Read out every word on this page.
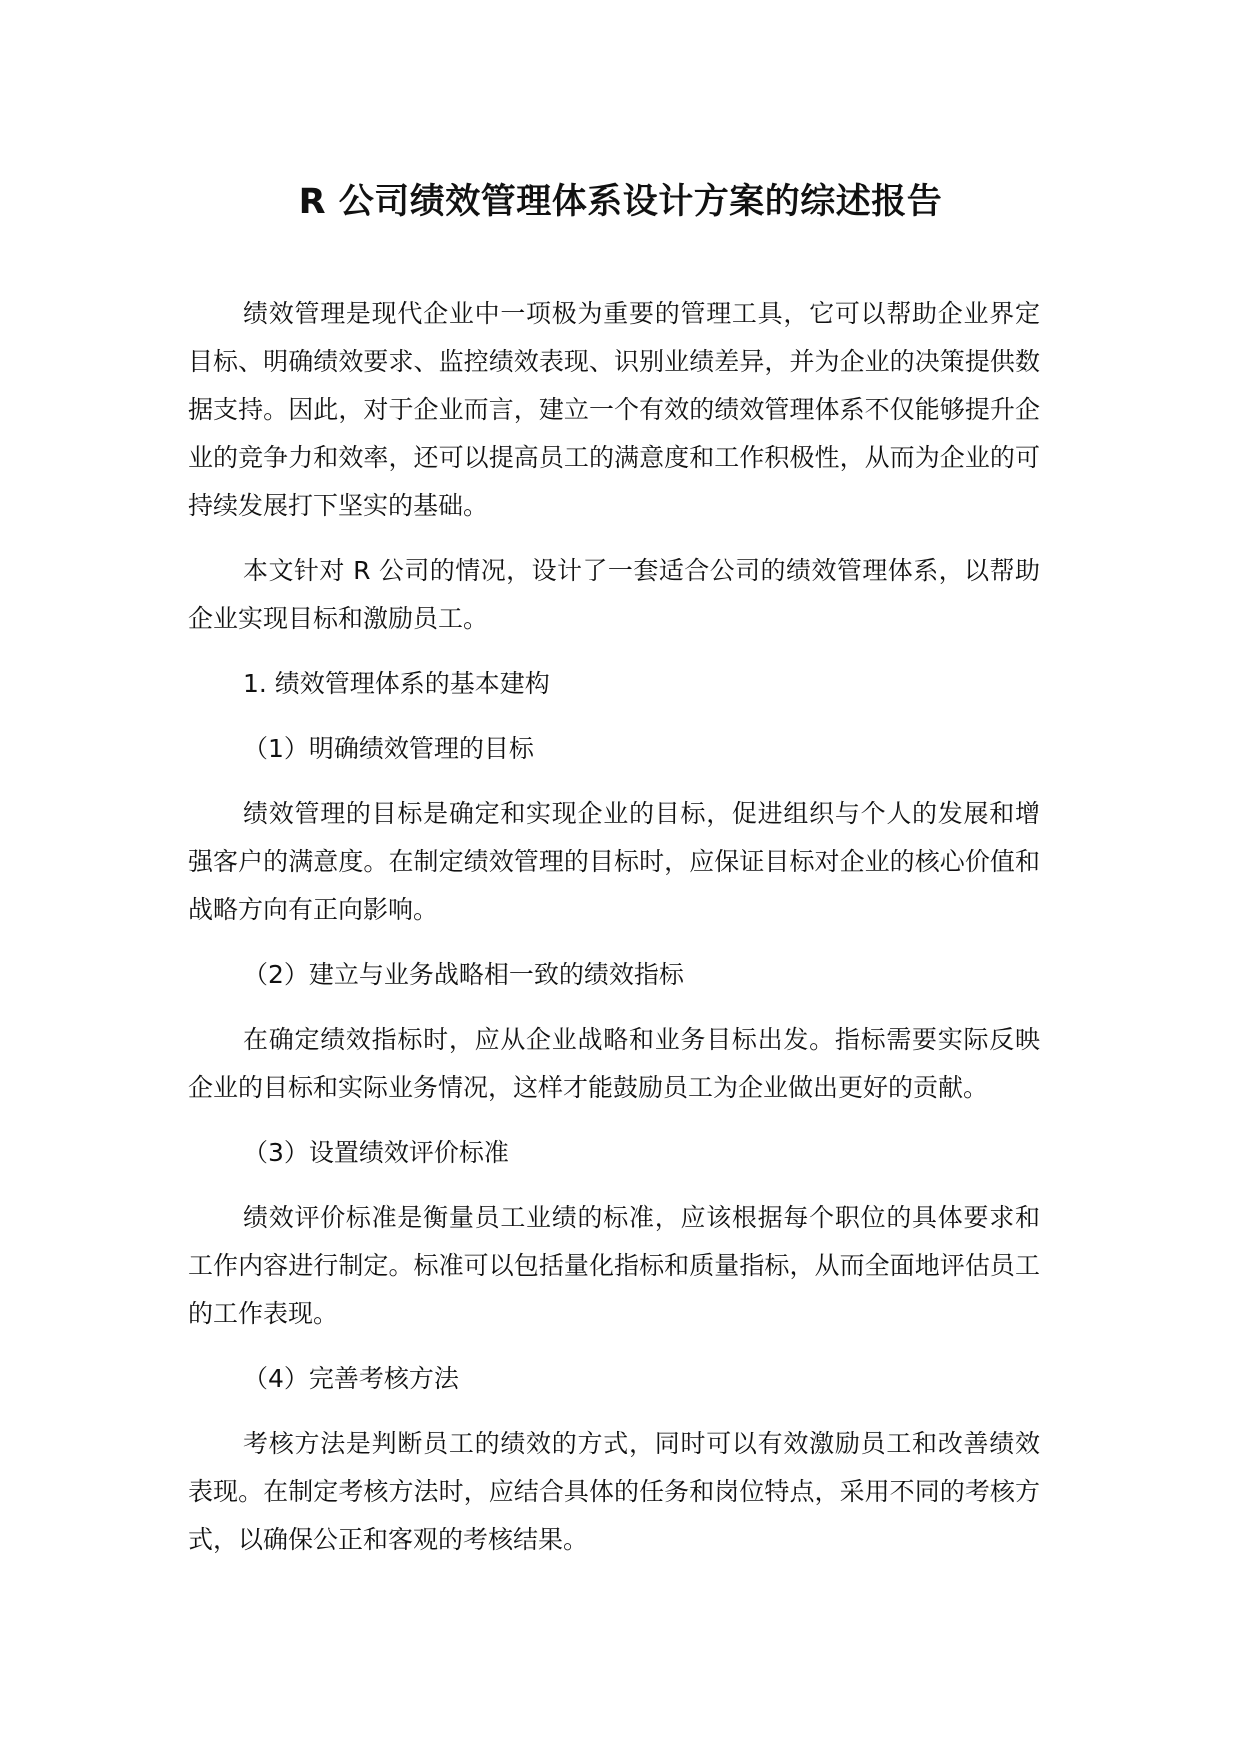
R 公司绩效管理体系设计方案的综述报告

绩效管理是现代企业中一项极为重要的管理工具，它可以帮助企业界定目标、明确绩效要求、监控绩效表现、识别业绩差异，并为企业的决策提供数据支持。因此，对于企业而言，建立一个有效的绩效管理体系不仅能够提升企业的竞争力和效率，还可以提高员工的满意度和工作积极性，从而为企业的可持续发展打下坚实的基础。

本文针对 R 公司的情况，设计了一套适合公司的绩效管理体系，以帮助企业实现目标和激励员工。

1. 绩效管理体系的基本建构

（1）明确绩效管理的目标

绩效管理的目标是确定和实现企业的目标，促进组织与个人的发展和增强客户的满意度。在制定绩效管理的目标时，应保证目标对企业的核心价值和战略方向有正向影响。

（2）建立与业务战略相一致的绩效指标

在确定绩效指标时，应从企业战略和业务目标出发。指标需要实际反映企业的目标和实际业务情况，这样才能鼓励员工为企业做出更好的贡献。

（3）设置绩效评价标准

绩效评价标准是衡量员工业绩的标准，应该根据每个职位的具体要求和工作内容进行制定。标准可以包括量化指标和质量指标，从而全面地评估员工的工作表现。

（4）完善考核方法

考核方法是判断员工的绩效的方式，同时可以有效激励员工和改善绩效表现。在制定考核方法时，应结合具体的任务和岗位特点，采用不同的考核方式，以确保公正和客观的考核结果。
